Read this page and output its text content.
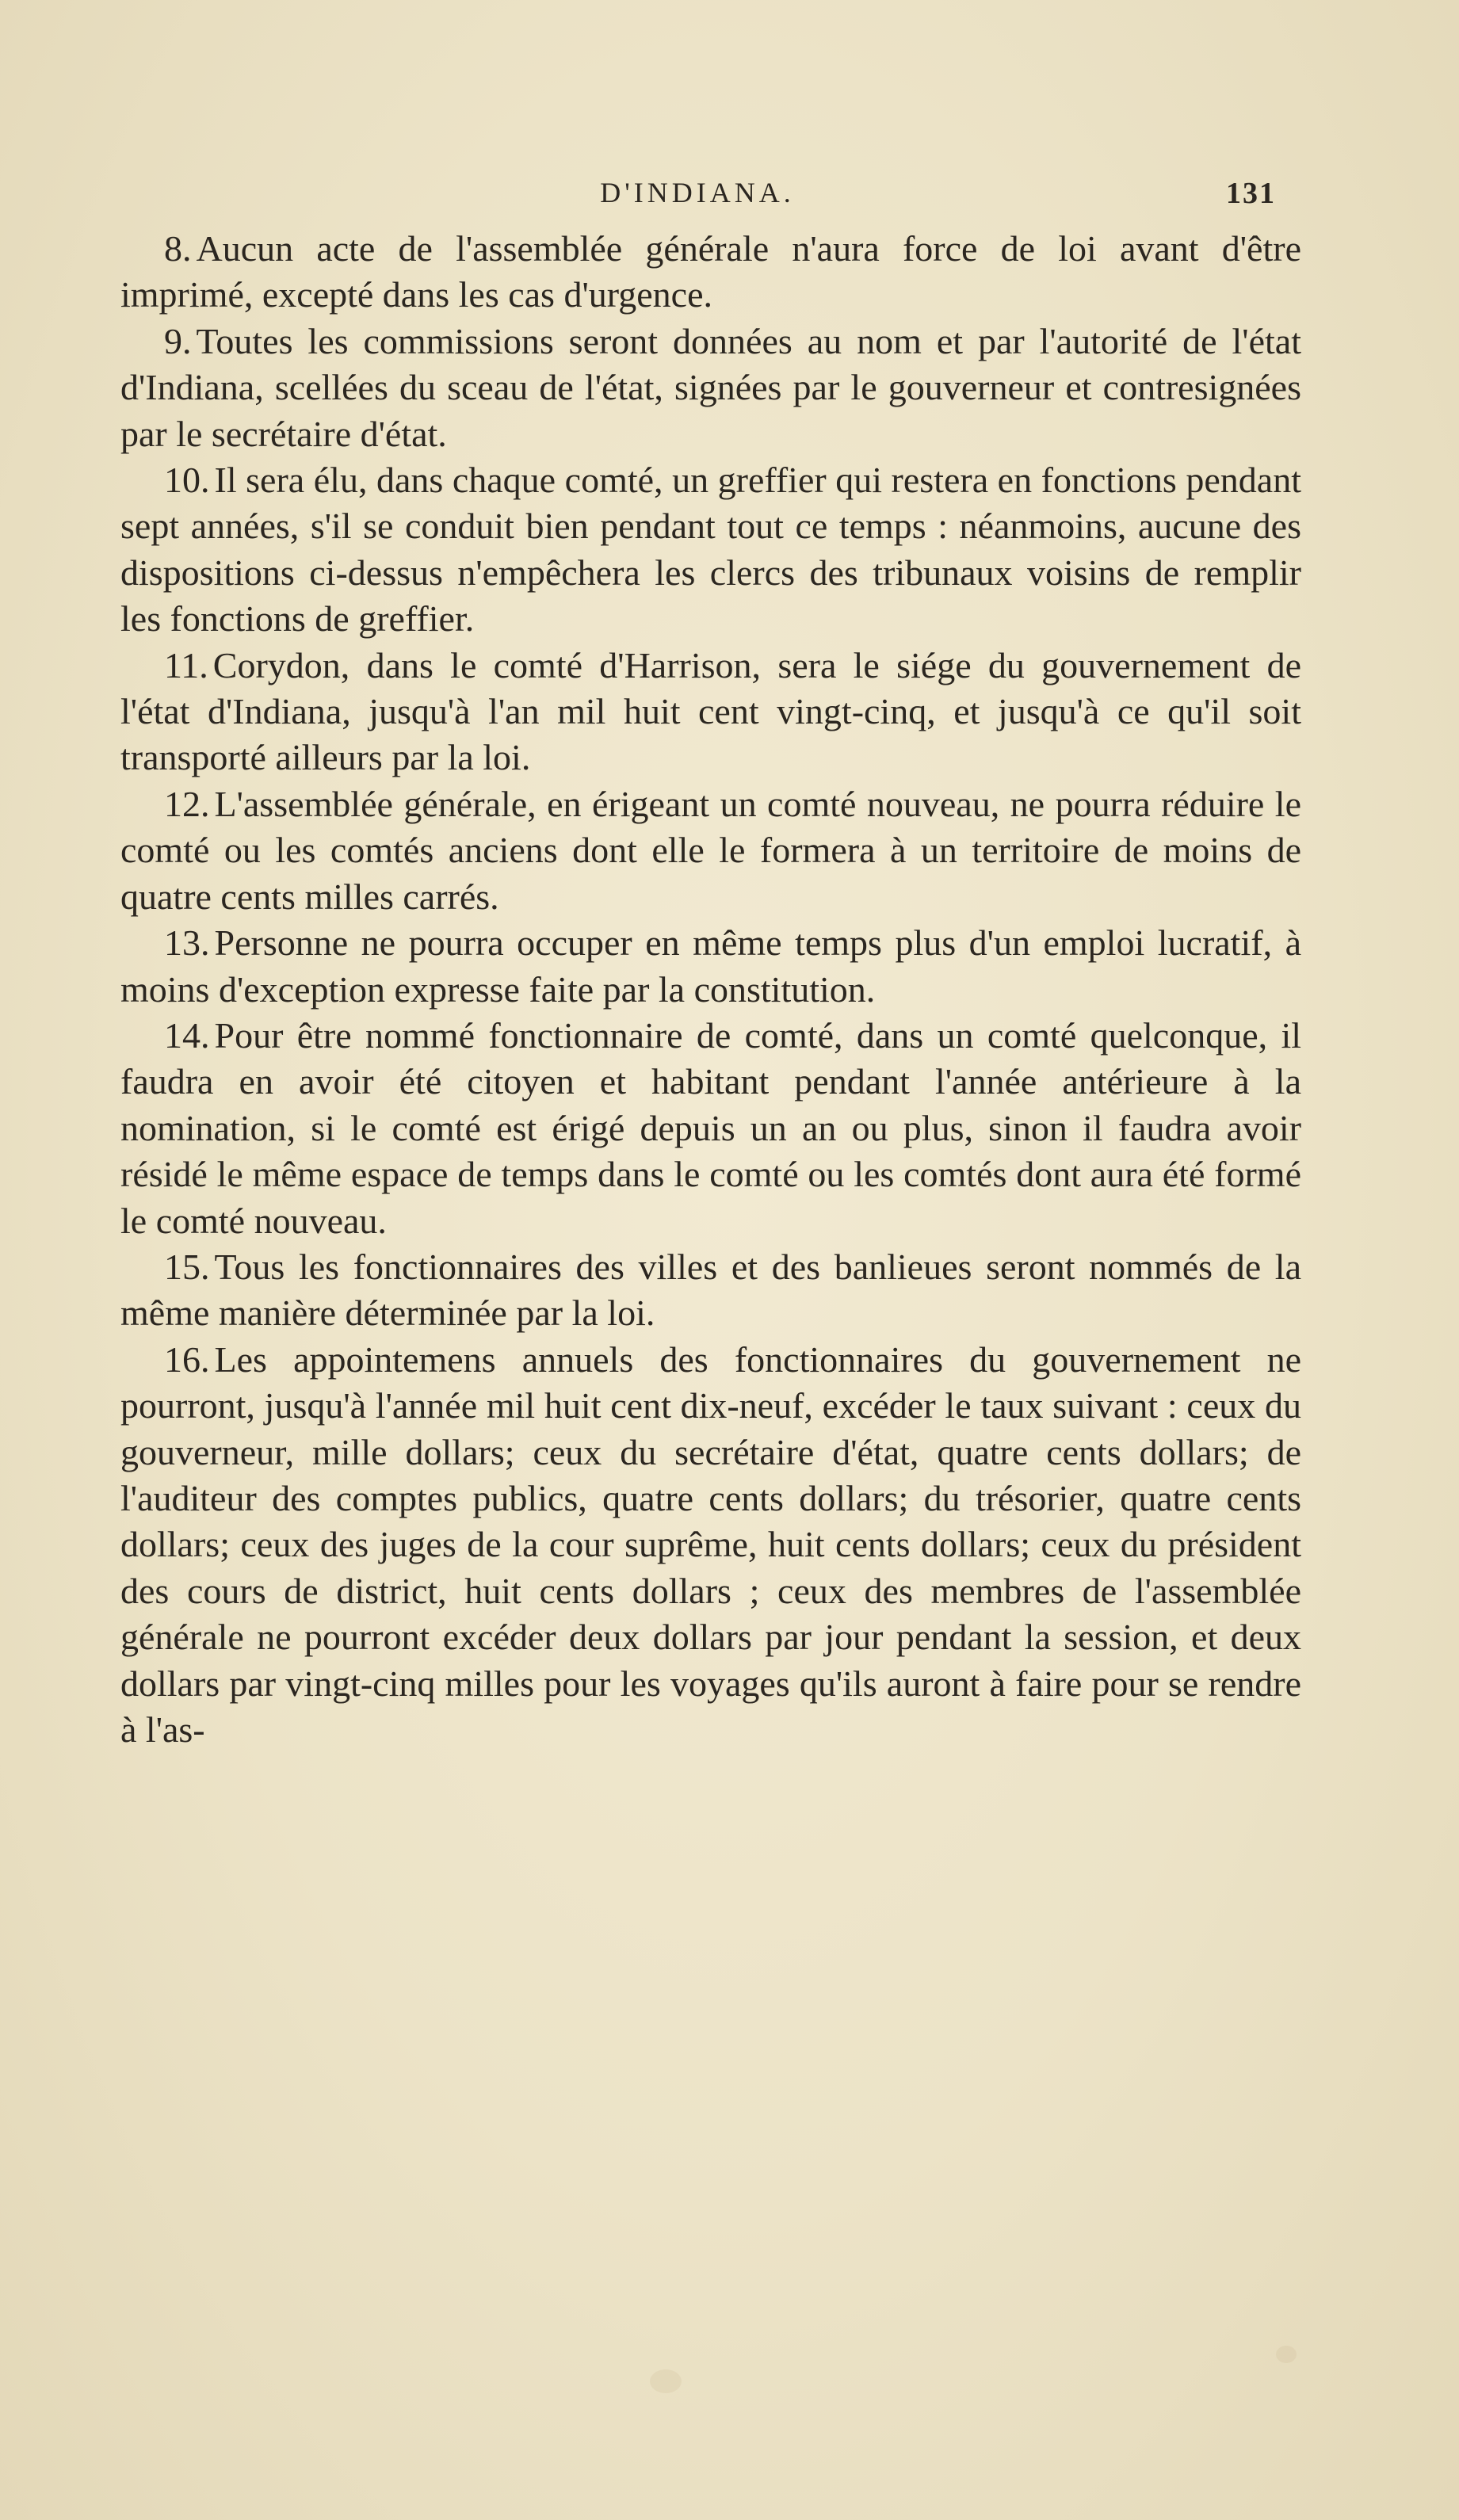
D'INDIANA.	131

8. Aucun acte de l'assemblée générale n'aura force de loi avant d'être imprimé, excepté dans les cas d'urgence.

9. Toutes les commissions seront données au nom et par l'autorité de l'état d'Indiana, scellées du sceau de l'état, signées par le gouverneur et contresignées par le secrétaire d'état.

10. Il sera élu, dans chaque comté, un greffier qui restera en fonctions pendant sept années, s'il se conduit bien pendant tout ce temps : néanmoins, aucune des dispositions ci-dessus n'empêchera les clercs des tribunaux voisins de remplir les fonctions de greffier.

11. Corydon, dans le comté d'Harrison, sera le siége du gouvernement de l'état d'Indiana, jusqu'à l'an mil huit cent vingt-cinq, et jusqu'à ce qu'il soit transporté ailleurs par la loi.

12. L'assemblée générale, en érigeant un comté nouveau, ne pourra réduire le comté ou les comtés anciens dont elle le formera à un territoire de moins de quatre cents milles carrés.

13. Personne ne pourra occuper en même temps plus d'un emploi lucratif, à moins d'exception expresse faite par la constitution.

14. Pour être nommé fonctionnaire de comté, dans un comté quelconque, il faudra en avoir été citoyen et habitant pendant l'année antérieure à la nomination, si le comté est érigé depuis un an ou plus, sinon il faudra avoir résidé le même espace de temps dans le comté ou les comtés dont aura été formé le comté nouveau.

15. Tous les fonctionnaires des villes et des banlieues seront nommés de la même manière déterminée par la loi.

16. Les appointemens annuels des fonctionnaires du gouvernement ne pourront, jusqu'à l'année mil huit cent dix-neuf, excéder le taux suivant : ceux du gouverneur, mille dollars; ceux du secrétaire d'état, quatre cents dollars; de l'auditeur des comptes publics, quatre cents dollars; du trésorier, quatre cents dollars; ceux des juges de la cour suprême, huit cents dollars; ceux du président des cours de district, huit cents dollars ; ceux des membres de l'assemblée générale ne pourront excéder deux dollars par jour pendant la session, et deux dollars par vingt-cinq milles pour les voyages qu'ils auront à faire pour se rendre à l'as-
